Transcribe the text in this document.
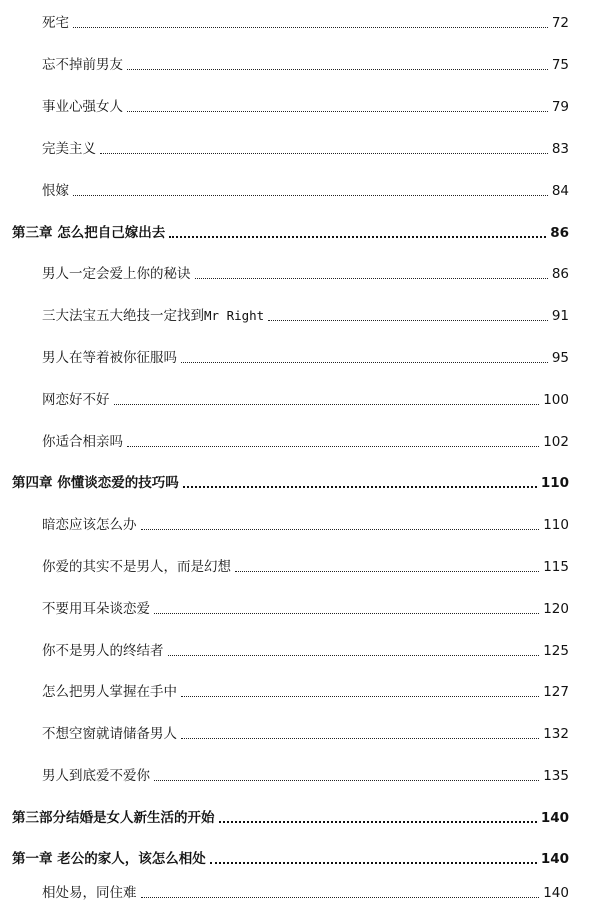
死宅	72
忘不掉前男友	75
事业心强女人	79
完美主义	83
恨嫁	84
第三章 怎么把自己嫁出去	86
男人一定会爱上你的秘诀	86
三大法宝五大绝技一定找到Mr Right	91
男人在等着被你征服吗	95
网恋好不好	100
你适合相亲吗	102
第四章 你懂谈恋爱的技巧吗	110
暗恋应该怎么办	110
你爱的其实不是男人，而是幻想	115
不要用耳朵谈恋爱	120
你不是男人的终结者	125
怎么把男人掌握在手中	127
不想空窗就请储备男人	132
男人到底爱不爱你	135
第三部分结婚是女人新生活的开始	140
第一章 老公的家人，该怎么相处	140
相处易，同住难	140
